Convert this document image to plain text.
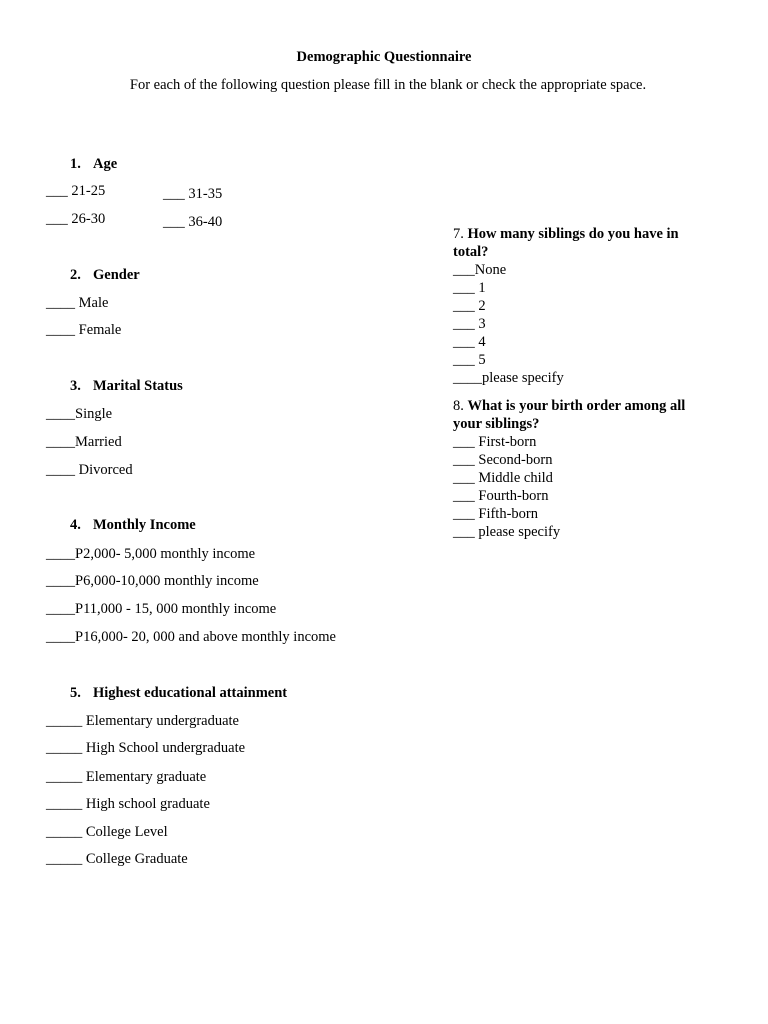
Demographic Questionnaire
For each of the following question please fill in the blank or check the appropriate space.
1. Age
___ 21-25	___ 31-35
___ 26-30	___ 36-40
2. Gender
____ Male
____ Female
3. Marital Status
____Single
____Married
____ Divorced
4. Monthly Income
____P2,000- 5,000 monthly income
____P6,000-10,000 monthly income
____P11,000 - 15, 000 monthly income
____P16,000- 20, 000 and above monthly income
5. Highest educational attainment
_____ Elementary undergraduate
_____ High School undergraduate
_____ Elementary graduate
_____ High school graduate
_____ College Level
_____ College Graduate
7. How many siblings do you have in
total?
___None
___ 1
___ 2
___ 3
___ 4
___ 5
____please specify
8. What is your birth order among all
your siblings?
___ First-born
___ Second-born
___ Middle child
___ Fourth-born
___ Fifth-born
___ please specify
